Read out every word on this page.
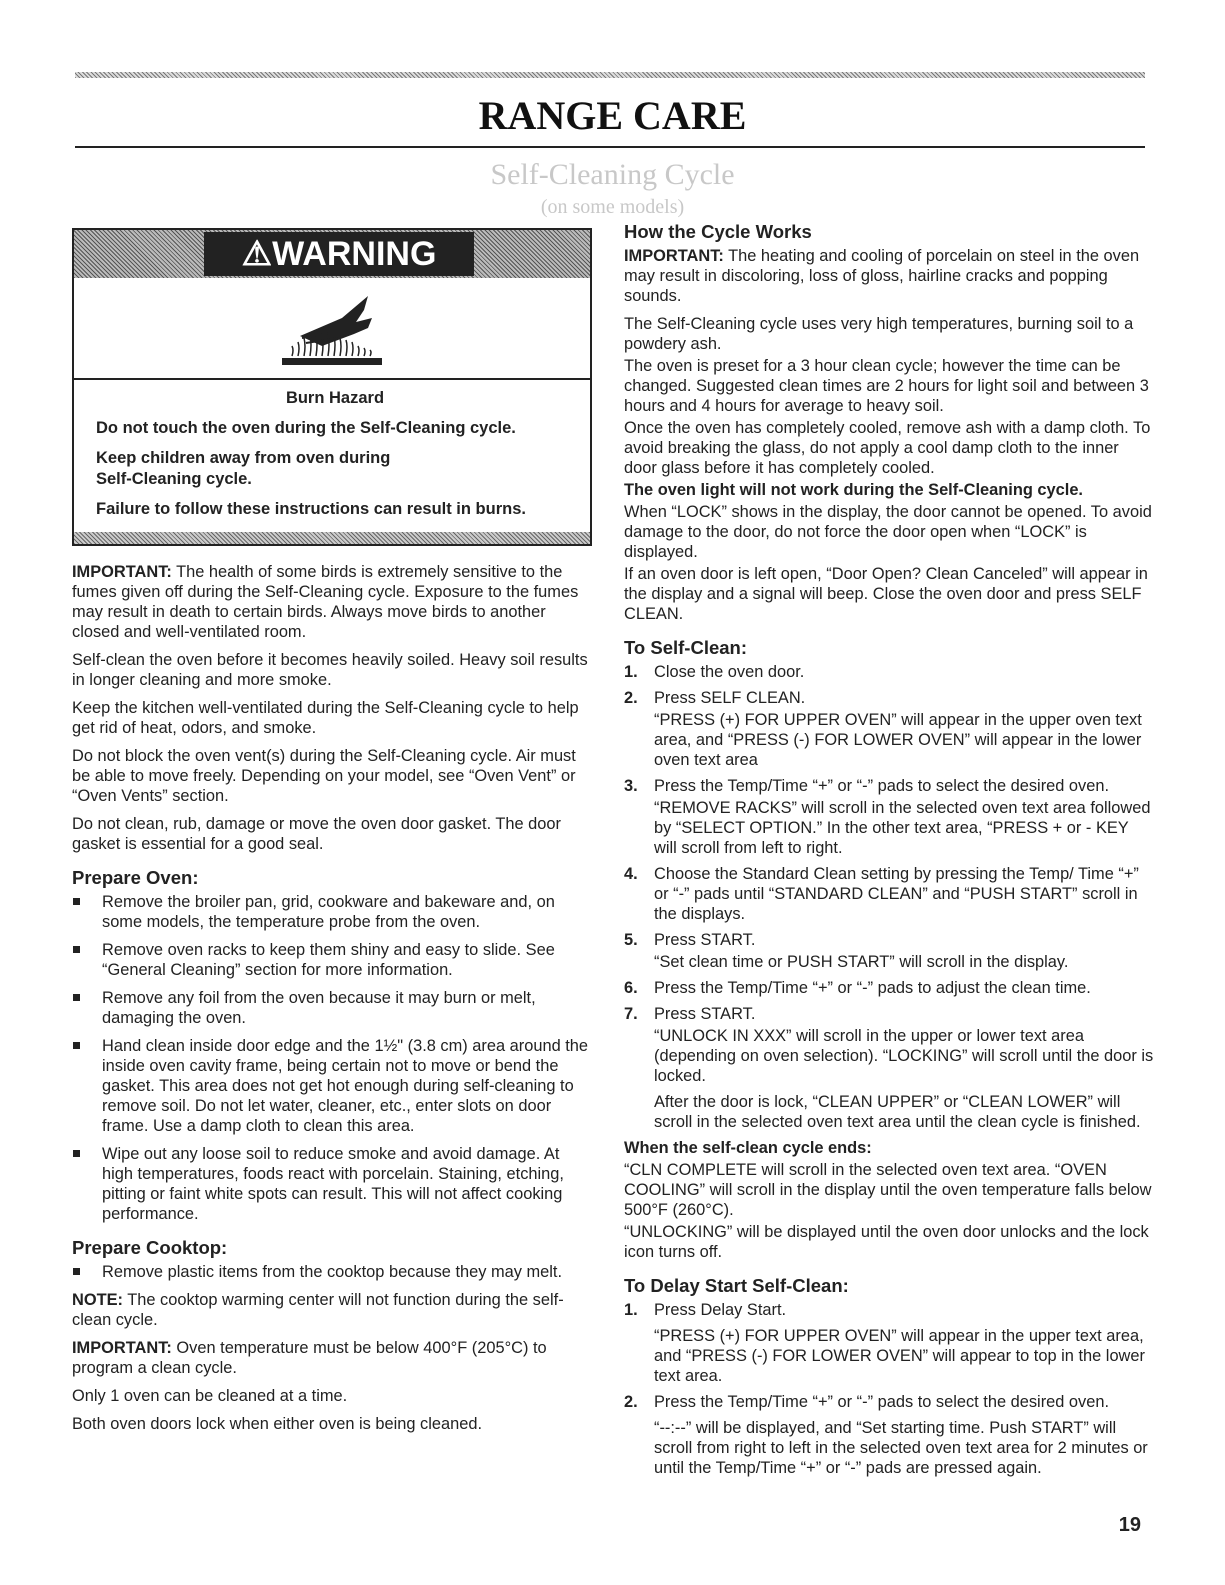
RANGE CARE
Self-Cleaning Cycle
(on some models)
⚠WARNING

Burn Hazard

Do not touch the oven during the Self-Cleaning cycle.

Keep children away from oven during Self-Cleaning cycle.

Failure to follow these instructions can result in burns.

IMPORTANT: The health of some birds is extremely sensitive to the fumes given off during the Self-Cleaning cycle. Exposure to the fumes may result in death to certain birds. Always move birds to another closed and well-ventilated room.

Self-clean the oven before it becomes heavily soiled. Heavy soil results in longer cleaning and more smoke.

Keep the kitchen well-ventilated during the Self-Cleaning cycle to help get rid of heat, odors, and smoke.

Do not block the oven vent(s) during the Self-Cleaning cycle. Air must be able to move freely. Depending on your model, see “Oven Vent” or “Oven Vents” section.

Do not clean, rub, damage or move the oven door gasket. The door gasket is essential for a good seal.

Prepare Oven:
Remove the broiler pan, grid, cookware and bakeware and, on some models, the temperature probe from the oven.
Remove oven racks to keep them shiny and easy to slide. See “General Cleaning” section for more information.
Remove any foil from the oven because it may burn or melt, damaging the oven.
Hand clean inside door edge and the 1½" (3.8 cm) area around the inside oven cavity frame, being certain not to move or bend the gasket. This area does not get hot enough during self-cleaning to remove soil. Do not let water, cleaner, etc., enter slots on door frame. Use a damp cloth to clean this area.
Wipe out any loose soil to reduce smoke and avoid damage. At high temperatures, foods react with porcelain. Staining, etching, pitting or faint white spots can result. This will not affect cooking performance.
Prepare Cooktop:
Remove plastic items from the cooktop because they may melt.

NOTE: The cooktop warming center will not function during the self-clean cycle.

IMPORTANT: Oven temperature must be below 400°F (205°C) to program a clean cycle.

Only 1 oven can be cleaned at a time.

Both oven doors lock when either oven is being cleaned.

How the Cycle Works

IMPORTANT: The heating and cooling of porcelain on steel in the oven may result in discoloring, loss of gloss, hairline cracks and popping sounds.

The Self-Cleaning cycle uses very high temperatures, burning soil to a powdery ash.

The oven is preset for a 3 hour clean cycle; however the time can be changed. Suggested clean times are 2 hours for light soil and between 3 hours and 4 hours for average to heavy soil.

Once the oven has completely cooled, remove ash with a damp cloth. To avoid breaking the glass, do not apply a cool damp cloth to the inner door glass before it has completely cooled.

The oven light will not work during the Self-Cleaning cycle.

When “LOCK” shows in the display, the door cannot be opened. To avoid damage to the door, do not force the door open when “LOCK” is displayed.

If an oven door is left open, “Door Open? Clean Canceled” will appear in the display and a signal will beep. Close the oven door and press SELF CLEAN.

To Self-Clean:
1. Close the oven door.
2. Press SELF CLEAN.
“PRESS (+) FOR UPPER OVEN” will appear in the upper oven text area, and “PRESS (-) FOR LOWER OVEN” will appear in the lower oven text area
3. Press the Temp/Time “+” or “-” pads to select the desired oven.
“REMOVE RACKS” will scroll in the selected oven text area followed by “SELECT OPTION.” In the other text area, “PRESS + or - KEY will scroll from left to right.
4. Choose the Standard Clean setting by pressing the Temp/ Time “+” or “-” pads until “STANDARD CLEAN” and “PUSH START” scroll in the displays.
5. Press START.
“Set clean time or PUSH START” will scroll in the display.
6. Press the Temp/Time “+” or “-” pads to adjust the clean time.
7. Press START.
“UNLOCK IN XXX” will scroll in the upper or lower text area (depending on oven selection). “LOCKING” will scroll until the door is locked.
After the door is lock, “CLEAN UPPER” or “CLEAN LOWER” will scroll in the selected oven text area until the clean cycle is finished.
When the self-clean cycle ends:

“CLN COMPLETE will scroll in the selected oven text area. “OVEN COOLING” will scroll in the display until the oven temperature falls below 500°F (260°C).

“UNLOCKING” will be displayed until the oven door unlocks and the lock icon turns off.

To Delay Start Self-Clean:
1. Press Delay Start.
“PRESS (+) FOR UPPER OVEN” will appear in the upper text area, and “PRESS (-) FOR LOWER OVEN” will appear to top in the lower text area.
2. Press the Temp/Time “+” or “-” pads to select the desired oven.
“--:--” will be displayed, and “Set starting time. Push START” will scroll from right to left in the selected oven text area for 2 minutes or until the Temp/Time “+” or “-” pads are pressed again.
19
